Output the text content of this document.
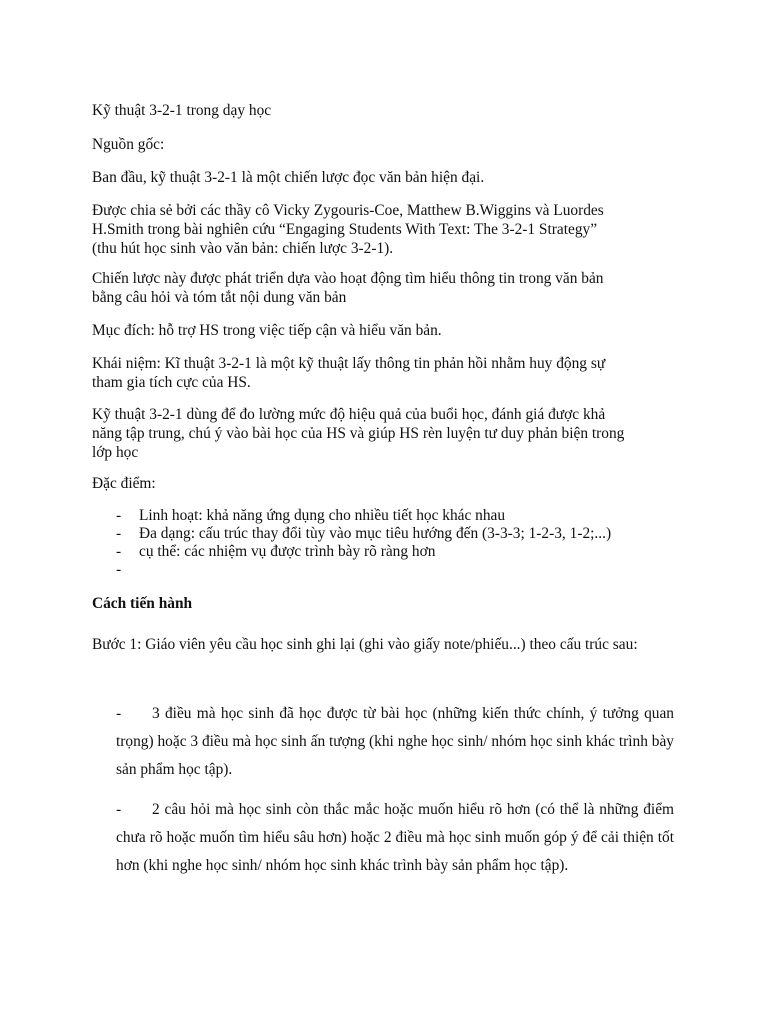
Kỹ thuật 3-2-1 trong dạy học

Nguồn gốc:

Ban đầu, kỹ thuật 3-2-1 là một chiến lược đọc văn bản hiện đại.

Được chia sẻ bởi các thầy cô Vicky Zygouris-Coe, Matthew B.Wiggins và Luordes
H.Smith trong bài nghiên cứu “Engaging Students With Text: The 3-2-1 Strategy”
(thu hút học sinh vào văn bản: chiến lược 3-2-1).
Chiến lược này được phát triển dựa vào hoạt động tìm hiểu thông tin trong văn bản
bằng câu hỏi và tóm tắt nội dung văn bản

Mục đích: hỗ trợ HS trong việc tiếp cận và hiểu văn bản.

Khái niệm: Kĩ thuật 3-2-1 là một kỹ thuật lấy thông tin phản hồi nhằm huy động sự
tham gia tích cực của HS.
Kỹ thuật 3-2-1 dùng để đo lường mức độ hiệu quả của buổi học, đánh giá được khả
năng tập trung, chú ý vào bài học của HS và giúp HS rèn luyện tư duy phản biện trong
lớp học

Đặc điểm:

- Linh hoạt: khả năng ứng dụng cho nhiều tiết học khác nhau
- Đa dạng: cấu trúc thay đổi tùy vào mục tiêu hướng đến (3-3-3; 1-2-3, 1-2;...)
- cụ thể: các nhiệm vụ được trình bày rõ ràng hơn
-

Cách tiến hành

Bước 1: Giáo viên yêu cầu học sinh ghi lại (ghi vào giấy note/phiếu...) theo cấu trúc sau:

- 3 điều mà học sinh đã học được từ bài học (những kiến thức chính, ý tưởng quan trọng) hoặc 3 điều mà học sinh ấn tượng (khi nghe học sinh/ nhóm học sinh khác trình bày sản phẩm học tập).

- 2 câu hỏi mà học sinh còn thắc mắc hoặc muốn hiểu rõ hơn (có thể là những điểm chưa rõ hoặc muốn tìm hiểu sâu hơn) hoặc 2 điều mà học sinh muốn góp ý để cải thiện tốt hơn (khi nghe học sinh/ nhóm học sinh khác trình bày sản phẩm học tập).
